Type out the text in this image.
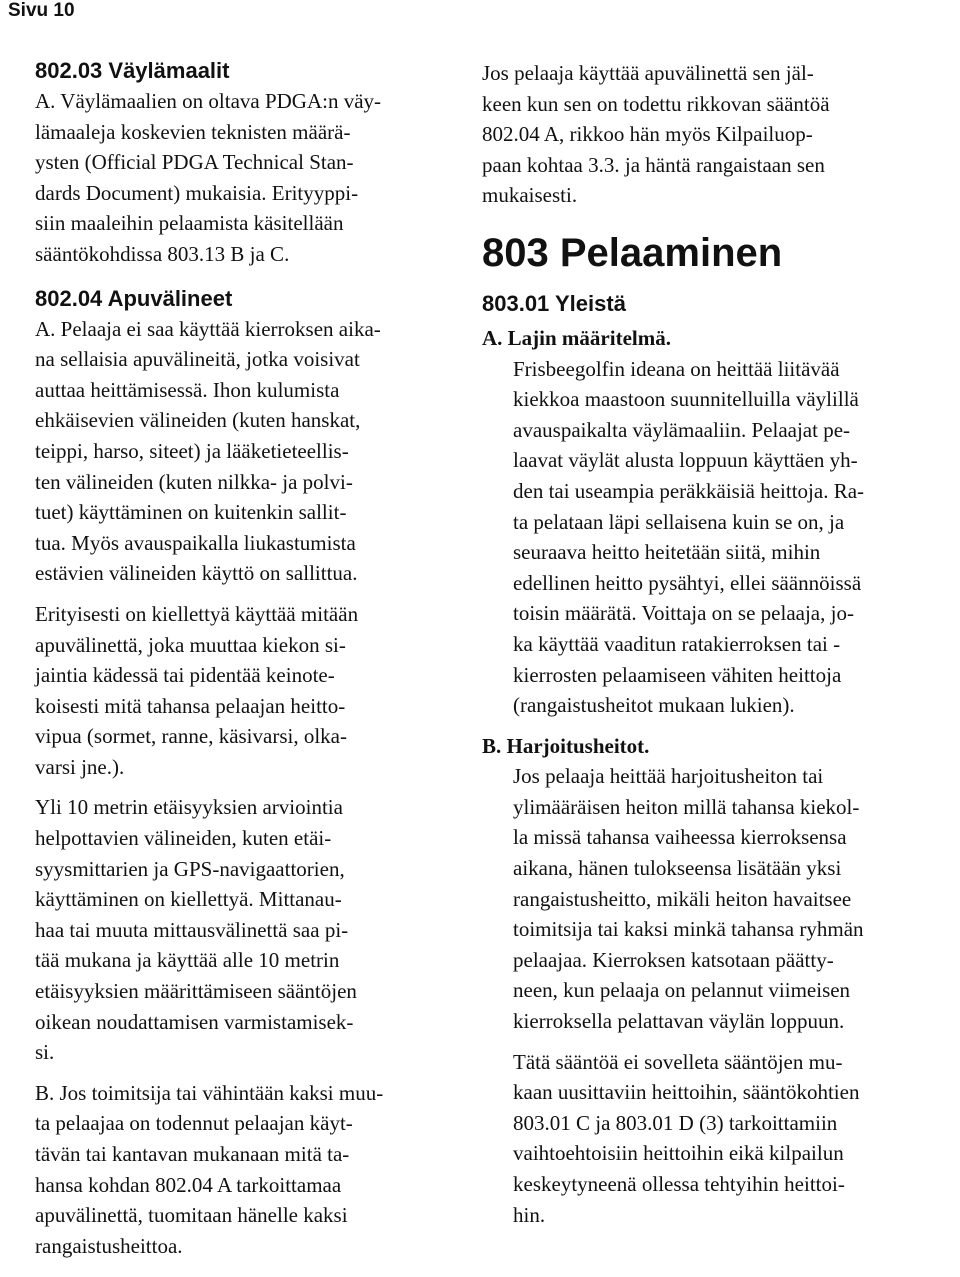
Sivu 10
802.03 Väylämaalit
A. Väylämaalien on oltava PDGA:n väy-
lämaaleja koskevien teknisten määrä-
ysten (Official PDGA Technical Stan-
dards Document) mukaisia. Erityyppi-
siin maaleihin pelaamista käsitellään
sääntökohdissa 803.13 B ja C.
802.04 Apuvälineet
A. Pelaaja ei saa käyttää kierroksen aika-
na sellaisia apuvälineitä, jotka voisivat
auttaa heittämisessä. Ihon kulumista
ehkäisevien välineiden (kuten hanskat,
teippi, harso, siteet) ja lääketieteellis-
ten välineiden (kuten nilkka- ja polvi-
tuet) käyttäminen on kuitenkin sallit-
tua. Myös avauspaikalla liukastumista
estävien välineiden käyttö on sallittua.
Erityisesti on kiellettyä käyttää mitään
apuvälinettä, joka muuttaa kiekon si-
jaintia kädessä tai pidentää keinote-
koisesti mitä tahansa pelaajan heitto-
vipua (sormet, ranne, käsivarsi, olka-
varsi jne.).
Yli 10 metrin etäisyyksien arviointia
helpottavien välineiden, kuten etäi-
syysmittarien ja GPS-navigaattorien,
käyttäminen on kiellettyä. Mittanau-
haa tai muuta mittausvälinettä saa pi-
tää mukana ja käyttää alle 10 metrin
etäisyyksien määrittämiseen sääntöjen
oikean noudattamisen varmistamisek-
si.
B. Jos toimitsija tai vähintään kaksi muu-
ta pelaajaa on todennut pelaajan käyt-
tävän tai kantavan mukanaan mitä ta-
hansa kohdan 802.04 A tarkoittamaa
apuvälinettä, tuomitaan hänelle kaksi
rangaistusheittoa.
Jos pelaaja käyttää apuvälinettä sen jäl-
keen kun sen on todettu rikkovan sääntöä
802.04 A, rikkoo hän myös Kilpailuop-
paan kohtaa 3.3. ja häntä rangaistaan sen
mukaisesti.
803 Pelaaminen
803.01 Yleistä
A. Lajin määritelmä.
Frisbeegolfin ideana on heittää liitävää
kiekkoa maastoon suunnitelluilla väylillä
avauspaikalta väylämaaliin. Pelaajat pe-
laavat väylät alusta loppuun käyttäen yh-
den tai useampia peräkkäisiä heittoja. Ra-
ta pelataan läpi sellaisena kuin se on, ja
seuraava heitto heitetään siitä, mihin
edellinen heitto pysähtyi, ellei säännöissä
toisin määrätä. Voittaja on se pelaaja, jo-
ka käyttää vaaditun ratakierroksen tai -
kierrosten pelaamiseen vähiten heittoja
(rangaistusheitot mukaan lukien).
B. Harjoitusheitot.
Jos pelaaja heittää harjoitusheiton tai
ylimääräisen heiton millä tahansa kiekol-
la missä tahansa vaiheessa kierroksensa
aikana, hänen tulokseensa lisätään yksi
rangaistusheitto, mikäli heiton havaitsee
toimitsija tai kaksi minkä tahansa ryhmän
pelaajaa. Kierroksen katsotaan päätty-
neen, kun pelaaja on pelannut viimeisen
kierroksella pelattavan väylän loppuun.
Tätä sääntöä ei sovelleta sääntöjen mu-
kaan uusittaviin heittoihin, sääntökohtien
803.01 C ja 803.01 D (3) tarkoittamiin
vaihtoehtoisiin heittoihin eikä kilpailun
keskeytyneenä ollessa tehtyihin heittoi-
hin.
